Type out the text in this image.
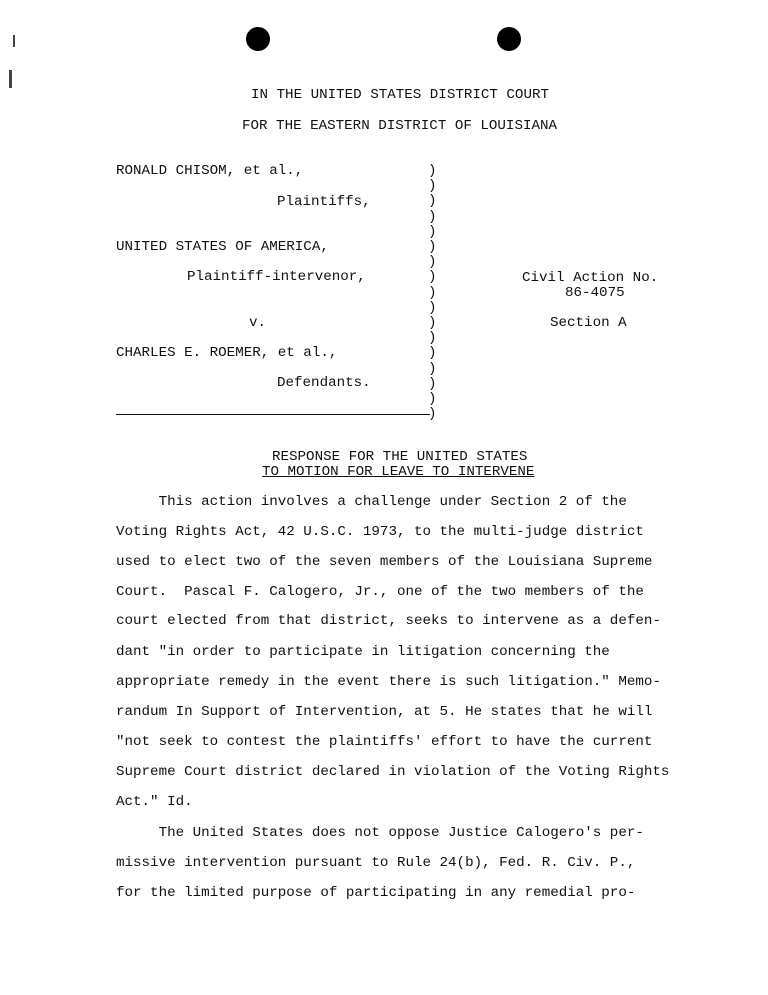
IN THE UNITED STATES DISTRICT COURT
FOR THE EASTERN DISTRICT OF LOUISIANA
RONALD CHISOM, et al.,
Plaintiffs,
UNITED STATES OF AMERICA,
Plaintiff-intervenor,
v.
CHARLES E. ROEMER, et al.,
Defendants.
)
)
)
)
)
)
)
)
)
)
)
)
)
)
)
)
)
Civil Action No.
86-4075
Section A
RESPONSE FOR THE UNITED STATES
TO MOTION FOR LEAVE TO INTERVENE
This action involves a challenge under Section 2 of the
Voting Rights Act, 42 U.S.C. 1973, to the multi-judge district
used to elect two of the seven members of the Louisiana Supreme
Court.  Pascal F. Calogero, Jr., one of the two members of the
court elected from that district, seeks to intervene as a defen-
dant "in order to participate in litigation concerning the
appropriate remedy in the event there is such litigation." Memo-
randum In Support of Intervention, at 5. He states that he will
"not seek to contest the plaintiffs' effort to have the current
Supreme Court district declared in violation of the Voting Rights
Act." Id.
The United States does not oppose Justice Calogero's per-
missive intervention pursuant to Rule 24(b), Fed. R. Civ. P.,
for the limited purpose of participating in any remedial pro-
